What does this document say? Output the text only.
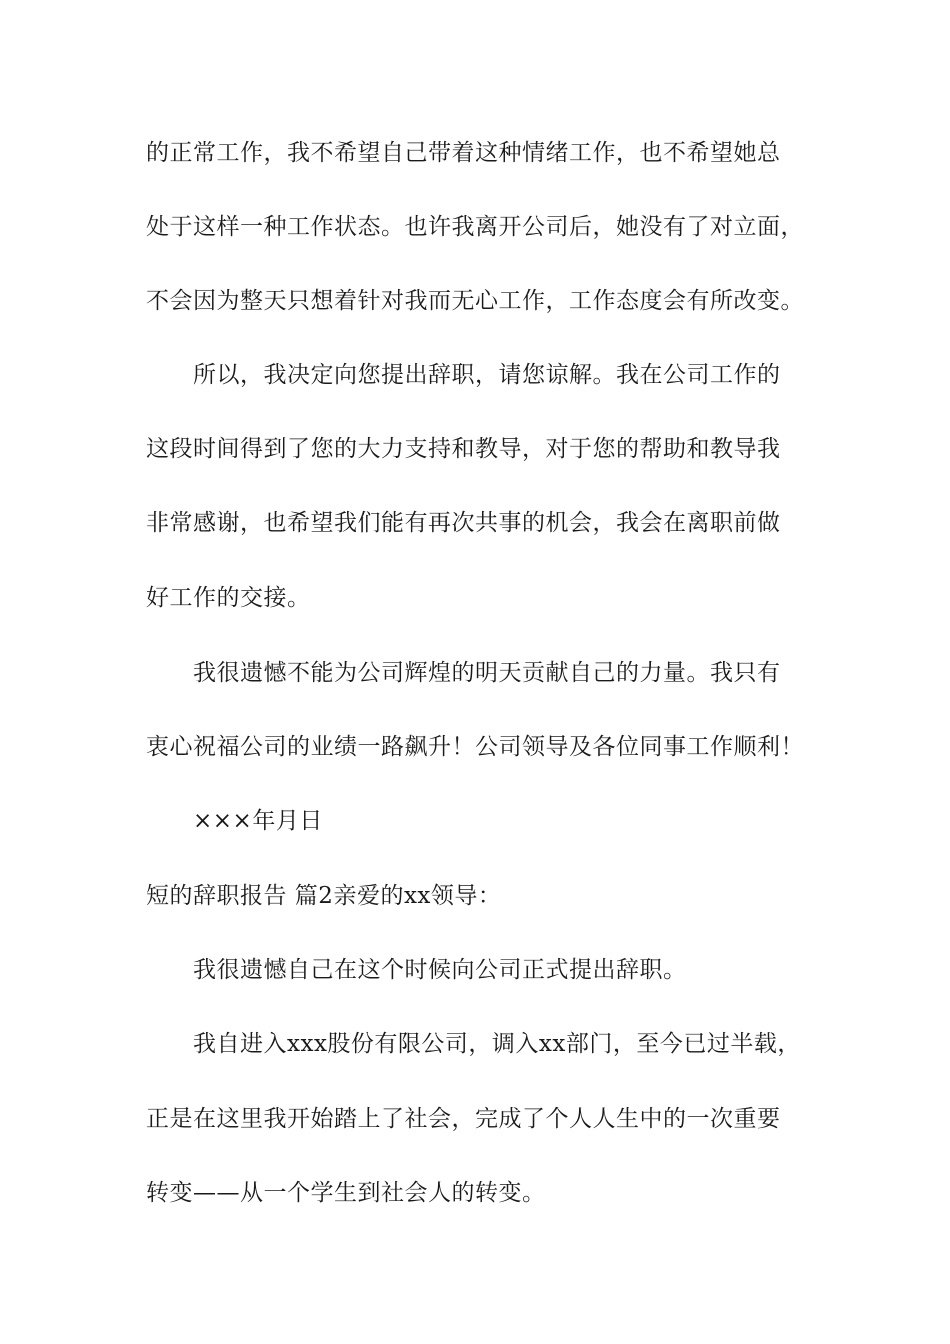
的正常工作，我不希望自己带着这种情绪工作，也不希望她总
处于这样一种工作状态。也许我离开公司后，她没有了对立面，
不会因为整天只想着针对我而无心工作，工作态度会有所改变。
所以，我决定向您提出辞职，请您谅解。我在公司工作的
这段时间得到了您的大力支持和教导，对于您的帮助和教导我
非常感谢，也希望我们能有再次共事的机会，我会在离职前做
好工作的交接。
我很遗憾不能为公司辉煌的明天贡献自己的力量。我只有
衷心祝福公司的业绩一路飙升！公司领导及各位同事工作顺利！
×××年月日
短的辞职报告 篇2亲爱的xx领导：
我很遗憾自己在这个时候向公司正式提出辞职。
我自进入xxx股份有限公司，调入xx部门，至今已过半载，
正是在这里我开始踏上了社会，完成了个人人生中的一次重要
转变——从一个学生到社会人的转变。
